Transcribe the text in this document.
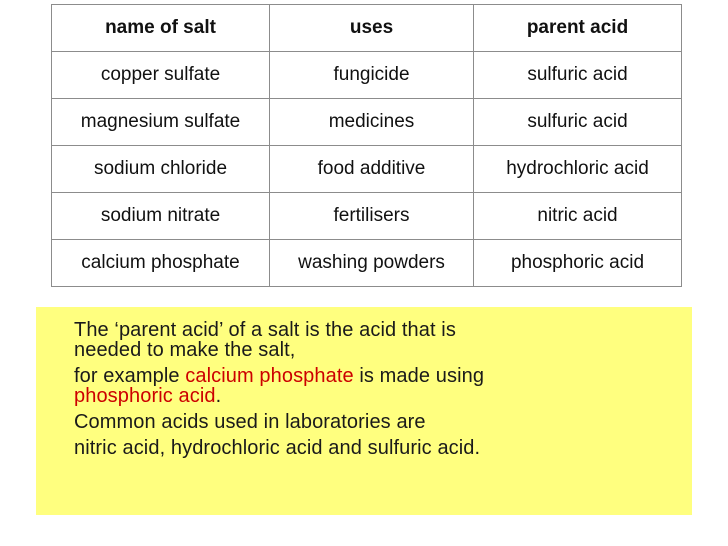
name of salt	uses	parent acid
copper sulfate	fungicide	sulfuric acid
magnesium sulfate	medicines	sulfuric acid
sodium chloride	food additive	hydrochloric acid
sodium nitrate	fertilisers	nitric acid
calcium phosphate	washing powders	phosphoric acid

The ‘parent acid’ of a salt is the acid that is
needed to make the salt,

for example calcium phosphate is made using
phosphoric acid.

Common acids used in laboratories are

nitric acid, hydrochloric acid and sulfuric acid.
